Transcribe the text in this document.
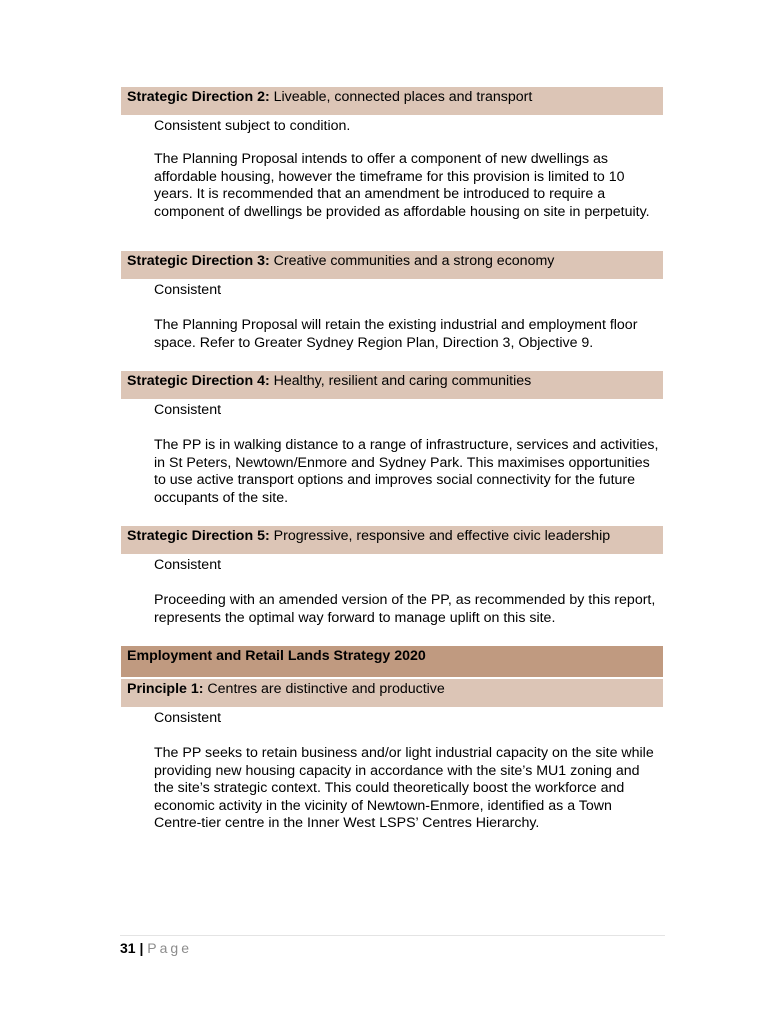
Strategic Direction 2: Liveable, connected places and transport
Consistent subject to condition.
The Planning Proposal intends to offer a component of new dwellings as affordable housing, however the timeframe for this provision is limited to 10 years. It is recommended that an amendment be introduced to require a component of dwellings be provided as affordable housing on site in perpetuity.
Strategic Direction 3: Creative communities and a strong economy
Consistent
The Planning Proposal will retain the existing industrial and employment floor space. Refer to Greater Sydney Region Plan, Direction 3, Objective 9.
Strategic Direction 4: Healthy, resilient and caring communities
Consistent
The PP is in walking distance to a range of infrastructure, services and activities, in St Peters, Newtown/Enmore and Sydney Park. This maximises opportunities to use active transport options and improves social connectivity for the future occupants of the site.
Strategic Direction 5: Progressive, responsive and effective civic leadership
Consistent
Proceeding with an amended version of the PP, as recommended by this report, represents the optimal way forward to manage uplift on this site.
Employment and Retail Lands Strategy 2020
Principle 1: Centres are distinctive and productive
Consistent
The PP seeks to retain business and/or light industrial capacity on the site while providing new housing capacity in accordance with the site’s MU1 zoning and the site’s strategic context. This could theoretically boost the workforce and economic activity in the vicinity of Newtown-Enmore, identified as a Town Centre-tier centre in the Inner West LSPS’ Centres Hierarchy.
31 | Page
